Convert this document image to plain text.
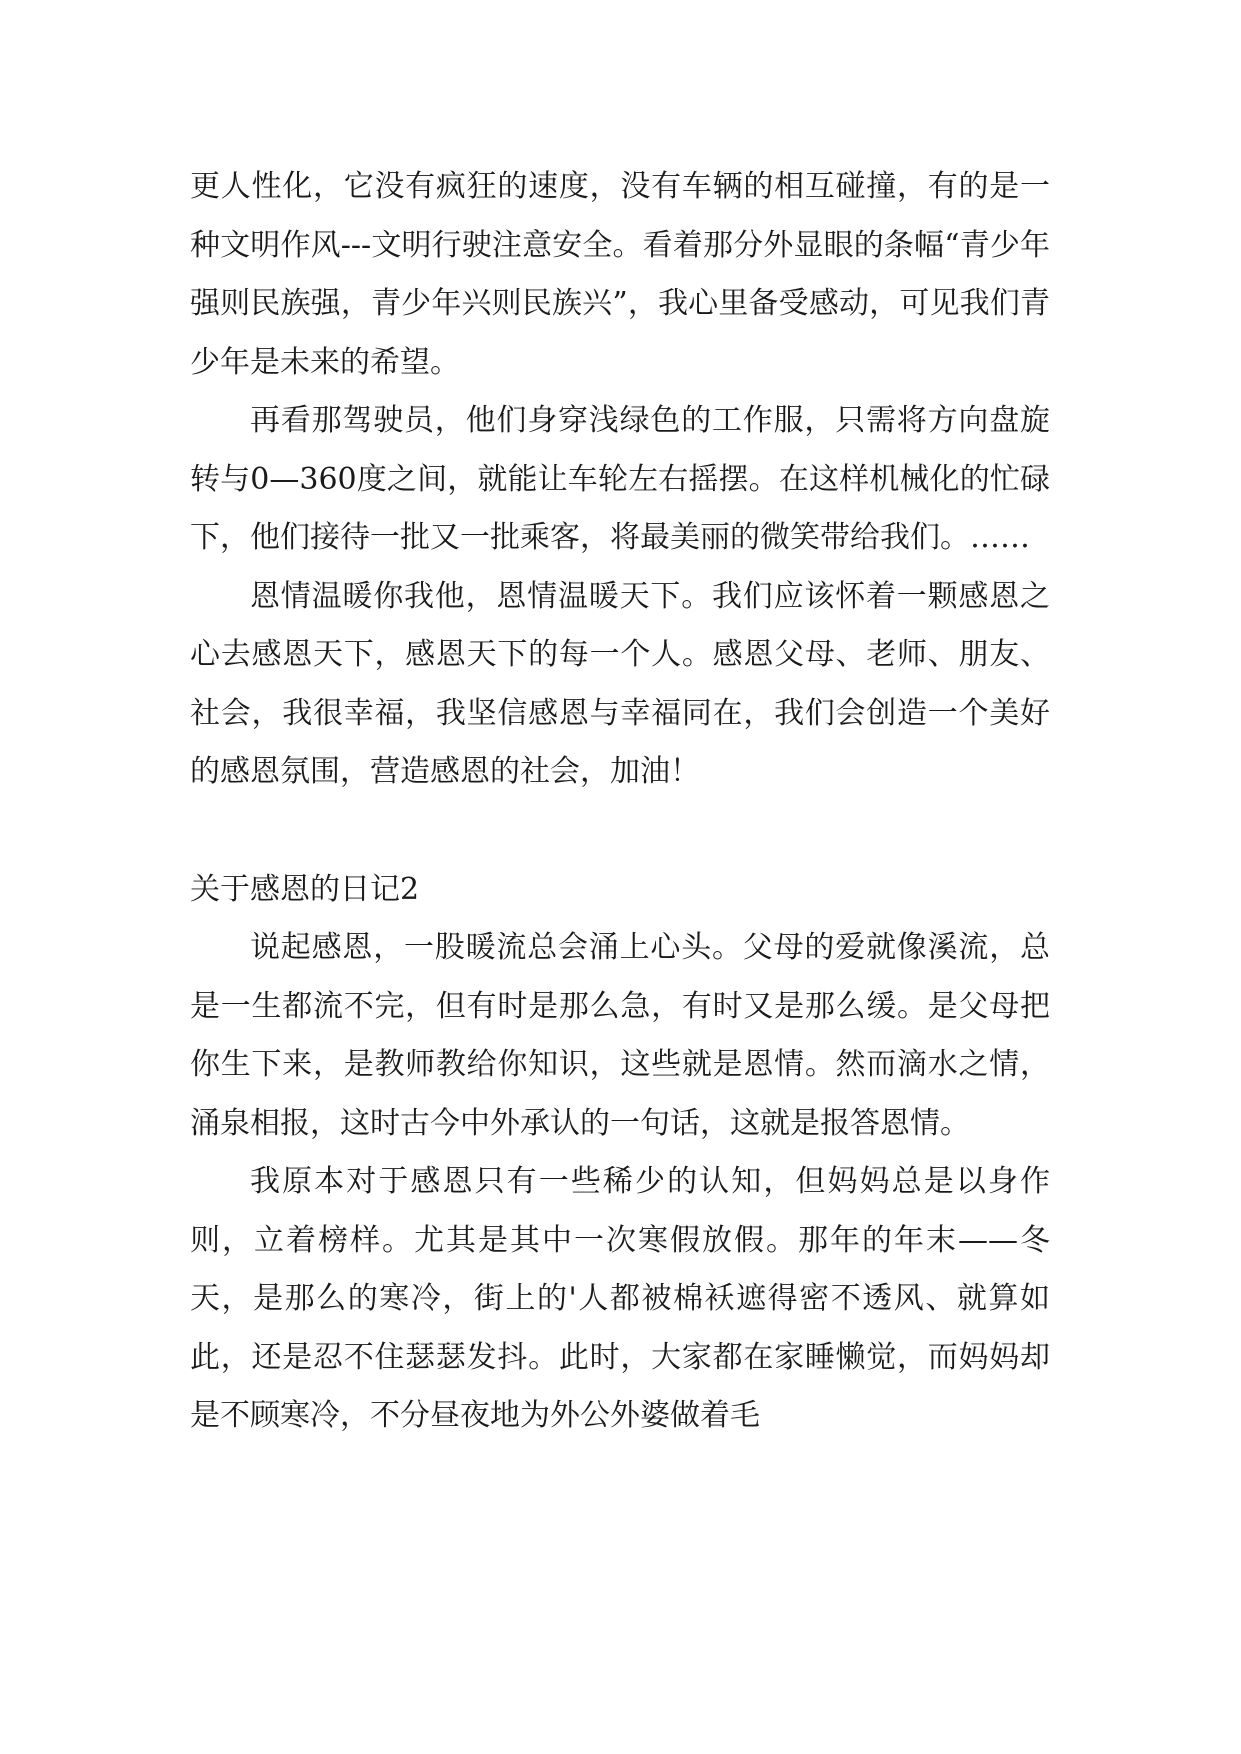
更人性化，它没有疯狂的速度，没有车辆的相互碰撞，有的是一种文明作风---文明行驶注意安全。看着那分外显眼的条幅“青少年强则民族强，青少年兴则民族兴”，我心里备受感动，可见我们青少年是未来的希望。

再看那驾驶员，他们身穿浅绿色的工作服，只需将方向盘旋转与0—360度之间，就能让车轮左右摇摆。在这样机械化的忙碌下，他们接待一批又一批乘客，将最美丽的微笑带给我们。……

恩情温暖你我他，恩情温暖天下。我们应该怀着一颗感恩之心去感恩天下，感恩天下的每一个人。感恩父母、老师、朋友、社会，我很幸福，我坚信感恩与幸福同在，我们会创造一个美好的感恩氛围，营造感恩的社会，加油！

关于感恩的日记2

说起感恩，一股暖流总会涌上心头。父母的爱就像溪流，总是一生都流不完，但有时是那么急，有时又是那么缓。是父母把你生下来，是教师教给你知识，这些就是恩情。然而滴水之情，涌泉相报，这时古今中外承认的一句话，这就是报答恩情。

我原本对于感恩只有一些稀少的认知，但妈妈总是以身作则，立着榜样。尤其是其中一次寒假放假。那年的年末——冬天，是那么的寒冷，街上的'人都被棉袄遮得密不透风、就算如此，还是忍不住瑟瑟发抖。此时，大家都在家睡懒觉，而妈妈却是不顾寒冷，不分昼夜地为外公外婆做着毛
